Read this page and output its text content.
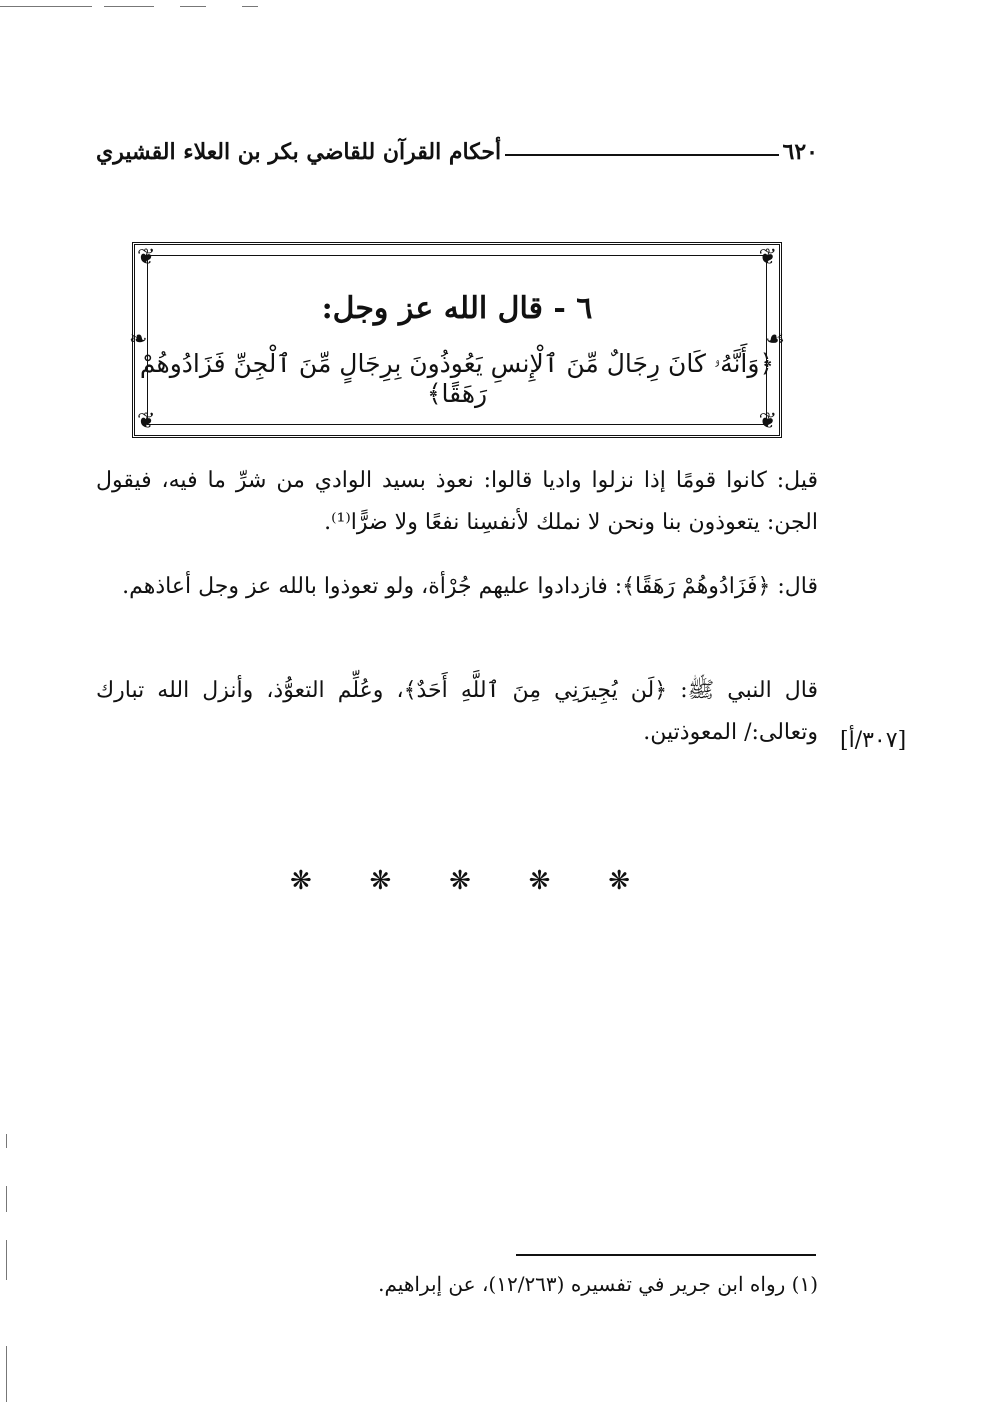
٦٢٠
أحكام القرآن للقاضي بكر بن العلاء القشيري
❦	❦
❦	❦
❧	☙
٦ - قال الله عز وجل:
﴿وَأَنَّهُۥ كَانَ رِجَالٌ مِّنَ ٱلْإِنسِ يَعُوذُونَ بِرِجَالٍ مِّنَ ٱلْجِنِّ فَزَادُوهُمْ رَهَقًا﴾
قيل: كانوا قومًا إذا نزلوا واديا قالوا: نعوذ بسيد الوادي من شرِّ ما فيه، فيقول الجن: يتعوذون بنا ونحن لا نملك لأنفسِنا نفعًا ولا ضرًّا⁽¹⁾.
قال: ﴿فَزَادُوهُمْ رَهَقًا﴾: فازدادوا عليهم جُرْأة، ولو تعوذوا بالله عز وجل أعاذهم.
قال النبي ﷺ: ﴿لَن يُجِيرَنِي مِنَ ٱللَّهِ أَحَدٌ﴾، وعُلِّم التعوُّذ، وأنزل الله تبارك وتعالى:/ المعوذتين. [٣٠٧/أ]
❋ ❋ ❋ ❋ ❋
(١) رواه ابن جرير في تفسيره (١٢/٢٦٣)، عن إبراهيم.
